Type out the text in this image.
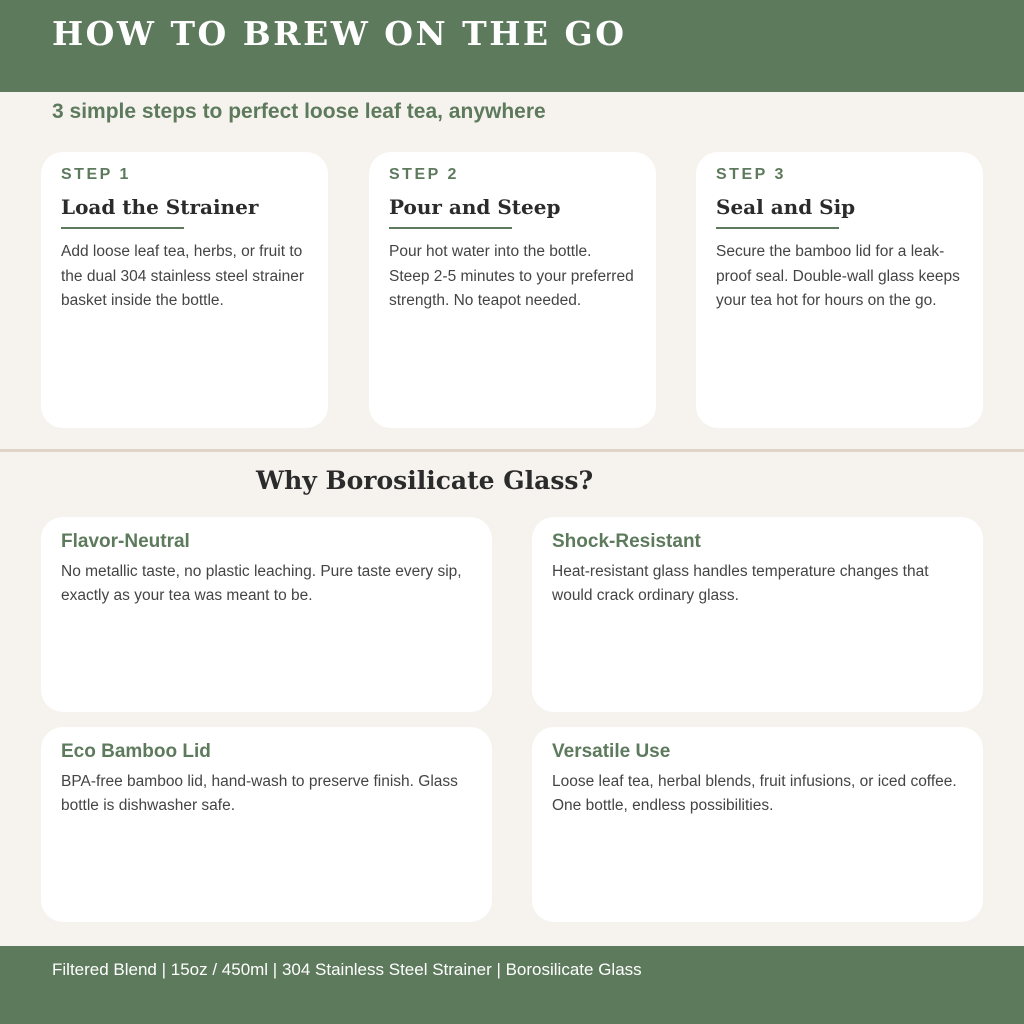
HOW TO BREW ON THE GO

3 simple steps to perfect loose leaf tea, anywhere

STEP 1
Load the Strainer

Add loose leaf tea, herbs, or fruit to the dual 304 stainless steel strainer basket inside the bottle.

STEP 2
Pour and Steep

Pour hot water into the bottle. Steep 2-5 minutes to your preferred strength. No teapot needed.

STEP 3
Seal and Sip

Secure the bamboo lid for a leak-proof seal. Double-wall glass keeps your tea hot for hours on the go.

Why Borosilicate Glass?
Flavor-Neutral

No metallic taste, no plastic leaching. Pure taste every sip, exactly as your tea was meant to be.

Shock-Resistant

Heat-resistant glass handles temperature changes that would crack ordinary glass.

Eco Bamboo Lid

BPA-free bamboo lid, hand-wash to preserve finish. Glass bottle is dishwasher safe.

Versatile Use

Loose leaf tea, herbal blends, fruit infusions, or iced coffee. One bottle, endless possibilities.

Filtered Blend | 15oz / 450ml | 304 Stainless Steel Strainer | Borosilicate Glass
